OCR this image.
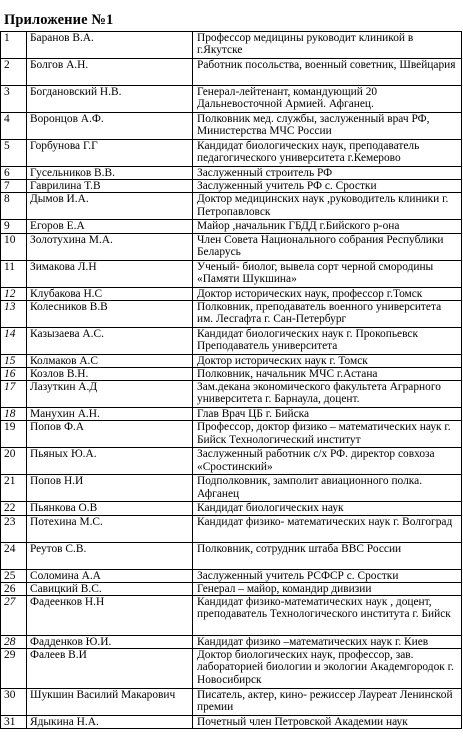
Приложение №1
1	Баранов В.А.	Профессор медицины руководит клиникой в г.Якутске
2	Болгов А.Н.	Работник посольства, военный советник, Швейцария
3	Богдановский Н.В.	Генерал-лейтенант, командующий 20 Дальневосточной Армией. Афганец.
4	Воронцов А.Ф.	Полковник мед. службы, заслуженный врач РФ, Министерства МЧС России
5	Горбунова Г.Г	Кандидат биологических наук, преподаватель педагогического университета г.Кемерово
6	Гусельников В.В.	Заслуженный строитель РФ
7	Гаврилина Т.В	Заслуженный учитель РФ с. Сростки
8	Дымов И.А.	Доктор медицинских наук ,руководитель клиники г. Петропавловск
9	Егоров Е.А	Майор ,начальник ГБДД г.Бийского р-она
10	Золотухина М.А.	Член Совета Национального собрания Республики Беларусь
11	Зимакова Л.Н	Ученый- биолог, вывела сорт черной смородины «Памяти Шукшина»
12	Клубакова Н.С	Доктор исторических наук, профессор г.Томск
13	Колесников В.В	Полковник, преподаватель военного университета им. Лесгафта г. Сан-Петербург
14	Казызаева А.С.	Кандидат биологических наук г. Прокопьевск Преподаватель университета
15	Колмаков А.С	Доктор исторических наук г. Томск
16	Козлов В.Н.	Полковник, начальник МЧС г.Астана
17	Лазуткин А.Д	Зам.декана экономического факультета Аграрного университета г. Барнаула, доцент.
18	Манухин А.Н.	Глав Врач ЦБ г. Бийска
19	Попов Ф.А	Профессор, доктор физико – математических наук г. Бийск Технологический институт
20	Пьяных Ю.А.	Заслуженный работник с/х РФ. директор совхоза «Сростинский»
21	Попов Н.И	Подполковник, замполит авиационного полка. Афганец
22	Пьянкова О.В	Кандидат биологических наук
23	Потехина М.С.	Кандидат физико- математических наук г. Волгоград
24	Реутов С.В.	Полковник, сотрудник штаба ВВС России
25	Соломина А.А	Заслуженный учитель РСФСР с. Сростки
26	Савицкий В.С.	Генерал – майор, командир дивизии
27	Фадеенков Н.Н	Кандидат физико-математических наук , доцент, преподаватель Технологического института г. Бийск
28	Фадденков Ю.И.	Кандидат физико –математических наук г. Киев
29	Фалеев В.И	Доктор биологических наук, профессор, зав. лабораторией биологии и экологии Академгородок г. Новосибирск
30	Шукшин Василий Макарович	Писатель, актер, кино- режиссер Лауреат Ленинской премии
31	Ядыкина Н.А.	Почетный член Петровской Академии наук
